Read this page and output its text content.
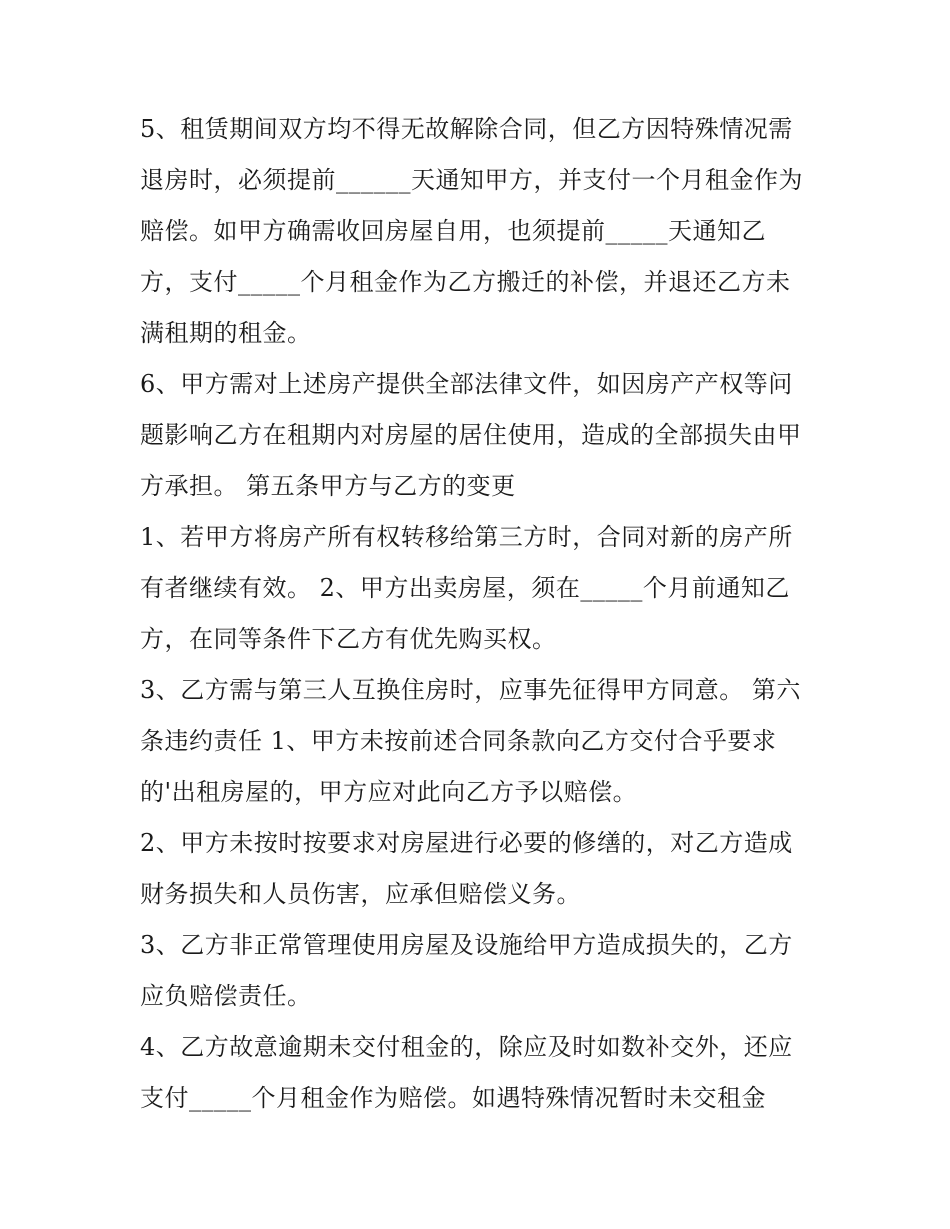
5、租赁期间双方均不得无故解除合同，但乙方因特殊情况需
退房时，必须提前______天通知甲方，并支付一个月租金作为
赔偿。如甲方确需收回房屋自用，也须提前_____天通知乙
方，支付_____个月租金作为乙方搬迁的补偿，并退还乙方未
满租期的租金。
6、甲方需对上述房产提供全部法律文件，如因房产产权等问
题影响乙方在租期内对房屋的居住使用，造成的全部损失由甲
方承担。 第五条甲方与乙方的变更
1、若甲方将房产所有权转移给第三方时，合同对新的房产所
有者继续有效。 2、甲方出卖房屋，须在_____个月前通知乙
方，在同等条件下乙方有优先购买权。
3、乙方需与第三人互换住房时，应事先征得甲方同意。 第六
条违约责任 1、甲方未按前述合同条款向乙方交付合乎要求
的'出租房屋的，甲方应对此向乙方予以赔偿。
2、甲方未按时按要求对房屋进行必要的修缮的，对乙方造成
财务损失和人员伤害，应承但赔偿义务。
3、乙方非正常管理使用房屋及设施给甲方造成损失的，乙方
应负赔偿责任。
4、乙方故意逾期未交付租金的，除应及时如数补交外，还应
支付_____个月租金作为赔偿。如遇特殊情况暂时未交租金
